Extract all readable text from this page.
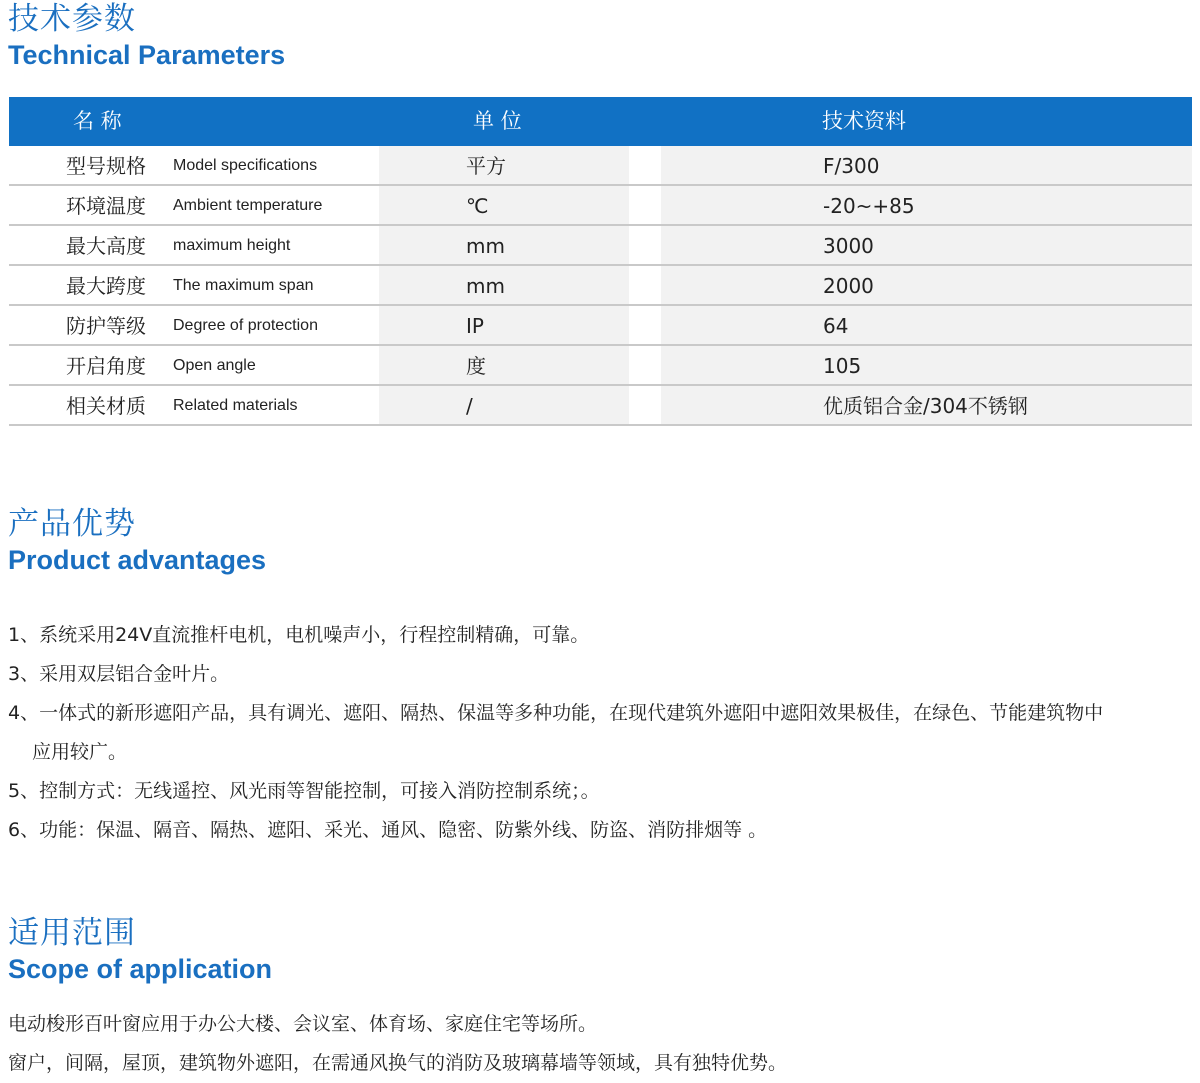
技术参数
Technical Parameters
名 称	单 位	技术资料
型号规格 Model specifications	平方	F/300
环境温度 Ambient temperature	℃	-20~+85
最大高度 maximum height	mm	3000
最大跨度 The maximum span	mm	2000
防护等级 Degree of protection	IP	64
开启角度 Open angle	度	105
相关材质 Related materials	/	优质铝合金/304不锈钢
产品优势
Product advantages

1、系统采用24V直流推杆电机，电机噪声小，行程控制精确，可靠。

3、采用双层铝合金叶片。

4、一体式的新形遮阳产品，具有调光、遮阳、隔热、保温等多种功能，在现代建筑外遮阳中遮阳效果极佳，在绿色、节能建筑物中

应用较广。

5、控制方式：无线遥控、风光雨等智能控制，可接入消防控制系统；。

6、功能：保温、隔音、隔热、遮阳、采光、通风、隐密、防紫外线、防盗、消防排烟等 。

适用范围
Scope of application

电动梭形百叶窗应用于办公大楼、会议室、体育场、家庭住宅等场所。

窗户，间隔，屋顶，建筑物外遮阳，在需通风换气的消防及玻璃幕墙等领域，具有独特优势。
